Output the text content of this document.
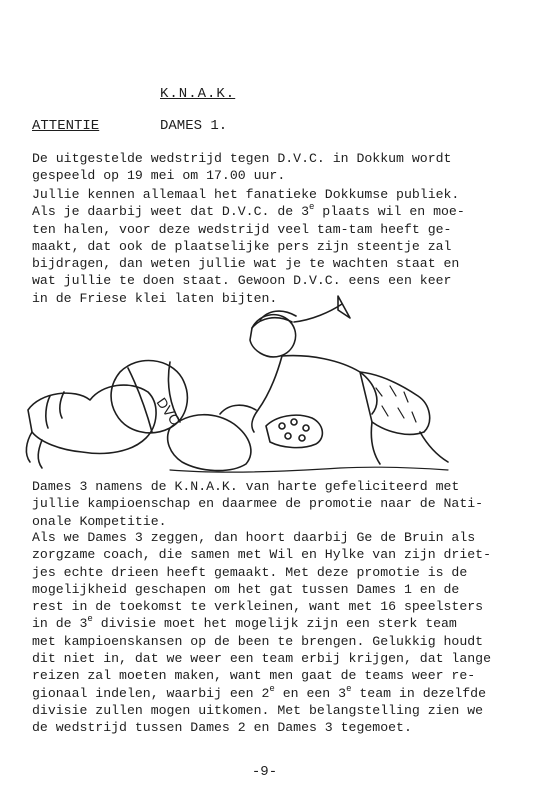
K.N.A.K.
ATTENTIE	DAMES 1.
De uitgestelde wedstrijd tegen D.V.C. in Dokkum wordt
gespeeld op 19 mei om 17.00 uur.
Jullie kennen allemaal het fanatieke Dokkumse publiek.
Als je daarbij weet dat D.V.C. de 3e plaats wil en moe-
ten halen, voor deze wedstrijd veel tam-tam heeft ge-
maakt, dat ook de plaatselijke pers zijn steentje zal
bijdragen, dan weten jullie wat je te wachten staat en
wat jullie te doen staat. Gewoon D.V.C. eens een keer
in de Friese klei laten bijten.
DVC
Dames 3 namens de K.N.A.K. van harte gefeliciteerd met
jullie kampioenschap en daarmee de promotie naar de Nati-
onale Kompetitie.
Als we Dames 3 zeggen, dan hoort daarbij Ge de Bruin als
zorgzame coach, die samen met Wil en Hylke van zijn driet-
jes echte drieen heeft gemaakt. Met deze promotie is de
mogelijkheid geschapen om het gat tussen Dames 1 en de
rest in de toekomst te verkleinen, want met 16 speelsters
in de 3e divisie moet het mogelijk zijn een sterk team
met kampioenskansen op de been te brengen. Gelukkig houdt
dit niet in, dat we weer een team erbij krijgen, dat lange
reizen zal moeten maken, want men gaat de teams weer re-
gionaal indelen, waarbij een 2e en een 3e team in dezelfde
divisie zullen mogen uitkomen. Met belangstelling zien we
de wedstrijd tussen Dames 2 en Dames 3 tegemoet.
-9-
